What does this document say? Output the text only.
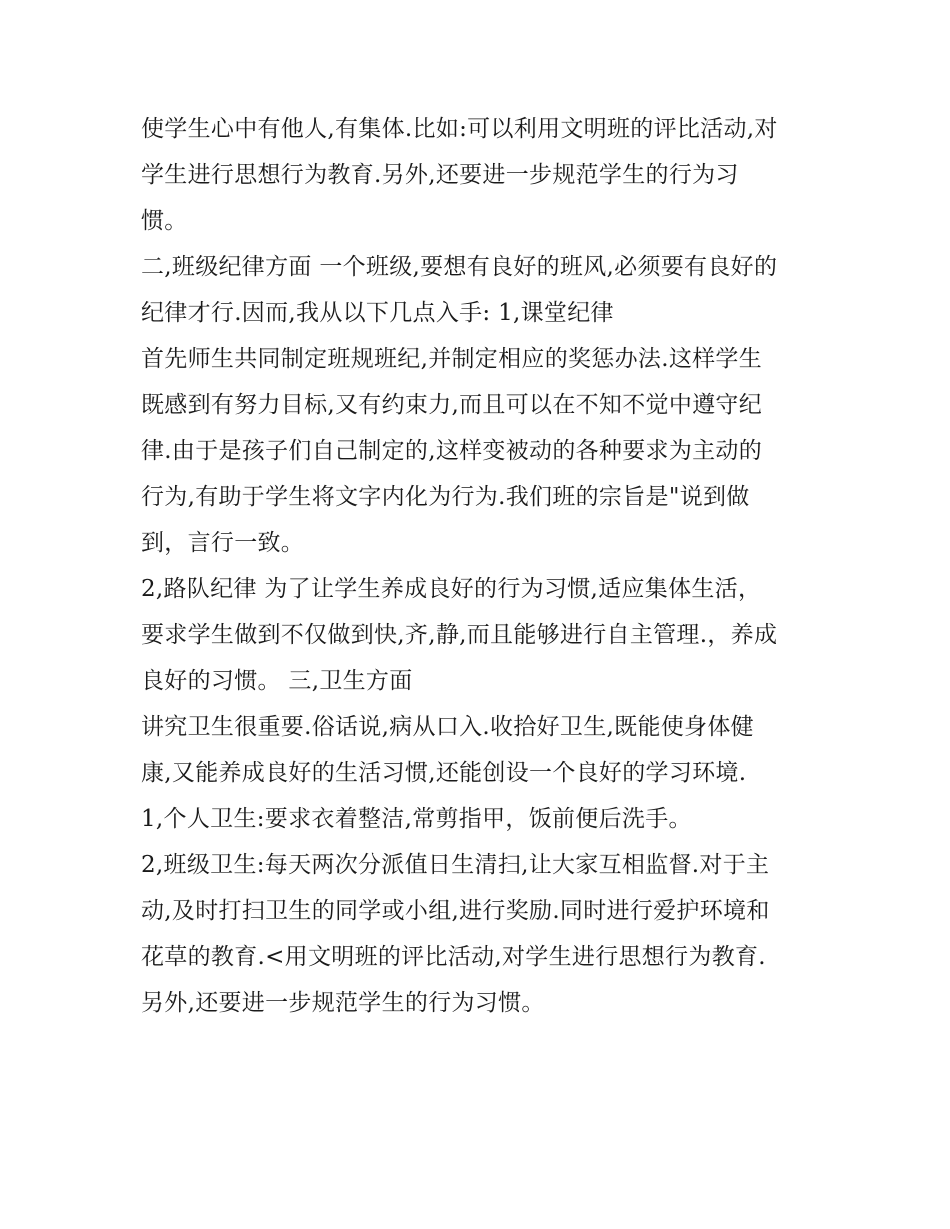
使学生心中有他人,有集体.比如:可以利用文明班的评比活动,对
学生进行思想行为教育.另外,还要进一步规范学生的行为习
惯。
二,班级纪律方面 一个班级,要想有良好的班风,必须要有良好的
纪律才行.因而,我从以下几点入手: 1,课堂纪律
首先师生共同制定班规班纪,并制定相应的奖惩办法.这样学生
既感到有努力目标,又有约束力,而且可以在不知不觉中遵守纪
律.由于是孩子们自己制定的,这样变被动的各种要求为主动的
行为,有助于学生将文字内化为行为.我们班的宗旨是"说到做
到，言行一致。
2,路队纪律 为了让学生养成良好的行为习惯,适应集体生活，
要求学生做到不仅做到快,齐,静,而且能够进行自主管理.，养成
良好的习惯。 三,卫生方面
讲究卫生很重要.俗话说,病从口入.收拾好卫生,既能使身体健
康,又能养成良好的生活习惯,还能创设一个良好的学习环境.
1,个人卫生:要求衣着整洁,常剪指甲，饭前便后洗手。
2,班级卫生:每天两次分派值日生清扫,让大家互相监督.对于主
动,及时打扫卫生的同学或小组,进行奖励.同时进行爱护环境和
花草的教育.<用文明班的评比活动,对学生进行思想行为教育.
另外,还要进一步规范学生的行为习惯。
